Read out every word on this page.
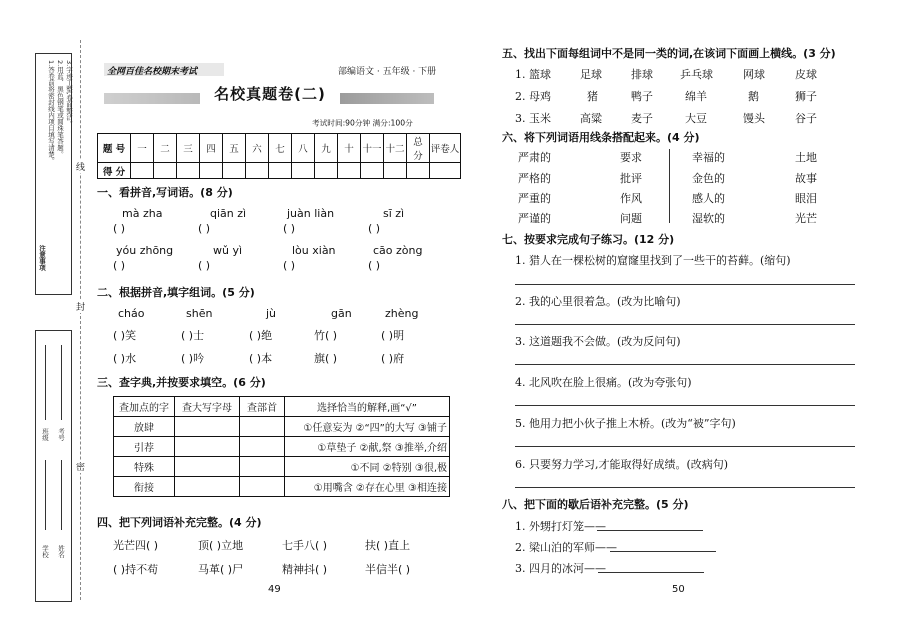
注意事项
1.答卷前将密封线内项目填写清楚。 2.用蓝、黑色钢笔或圆珠笔答题。 3.字迹工整,卷面整洁。
线
封
密
学校 姓名
班级 考号
全网百佳名校期末考试	部编语文 · 五年级 · 下册
名校真题卷(二)
考试时间:90分钟 满分:100分
题 号	一	二	三	四	五	六	七	八	九	十	十一	十二	总 分	评卷人
得 分														
一、看拼音,写词语。(8 分)
mà zha	qiān zì	juàn liàn	sī zì
( )	( )	( )	( )
yóu zhōng	wǔ yì	lòu xiàn	cāo zòng
( )	( )	( )	( )
二、根据拼音,填字组词。(5 分)
cháo	shēn	jù	gān	zhèng
( )笑	( )士	( )绝	竹( )	( )明
( )水	( )吟	( )本	旗( )	( )府
三、查字典,并按要求填空。(6 分)
查加点的字	查大写字母	查部首	选择恰当的解释,画“√”
放肆			①任意妄为 ②“四”的大写 ③铺子
引荐			①草垫子 ②献,祭 ③推举,介绍
特殊			①不同 ②特别 ③很,极
衔接			①用嘴含 ②存在心里 ③相连接
四、把下列词语补充完整。(4 分)
光芒四( )	顶( )立地	七手八( )	扶( )直上
( )持不苟	马革( )尸	精神抖( )	半信半( )
49
五、找出下面每组词中不是同一类的词,在该词下面画上横线。(3 分)
1. 篮球	足球	排球 乒乓球	网球	皮球
2. 母鸡	猪	鸭子	绵羊	鹅	狮子
3. 玉米	高粱	麦子	大豆	馒头	谷子
六、将下列词语用线条搭配起来。(4 分)
严肃的	要求
严格的	批评
严重的	作风
严谨的	问题
幸福的	土地
金色的	故事
感人的	眼泪
湿软的	光芒
七、按要求完成句子练习。(12 分)
1. 猎人在一棵松树的窟窿里找到了一些干的苔藓。(缩句)
2. 我的心里很着急。(改为比喻句)
3. 这道题我不会做。(改为反问句)
4. 北风吹在脸上很痛。(改为夸张句)
5. 他用力把小伙子推上木桥。(改为“被”字句)
6. 只要努力学习,才能取得好成绩。(改病句)
八、把下面的歇后语补充完整。(5 分)
1. 外甥打灯笼——
2. 梁山泊的军师——
3. 四月的冰河——
50
